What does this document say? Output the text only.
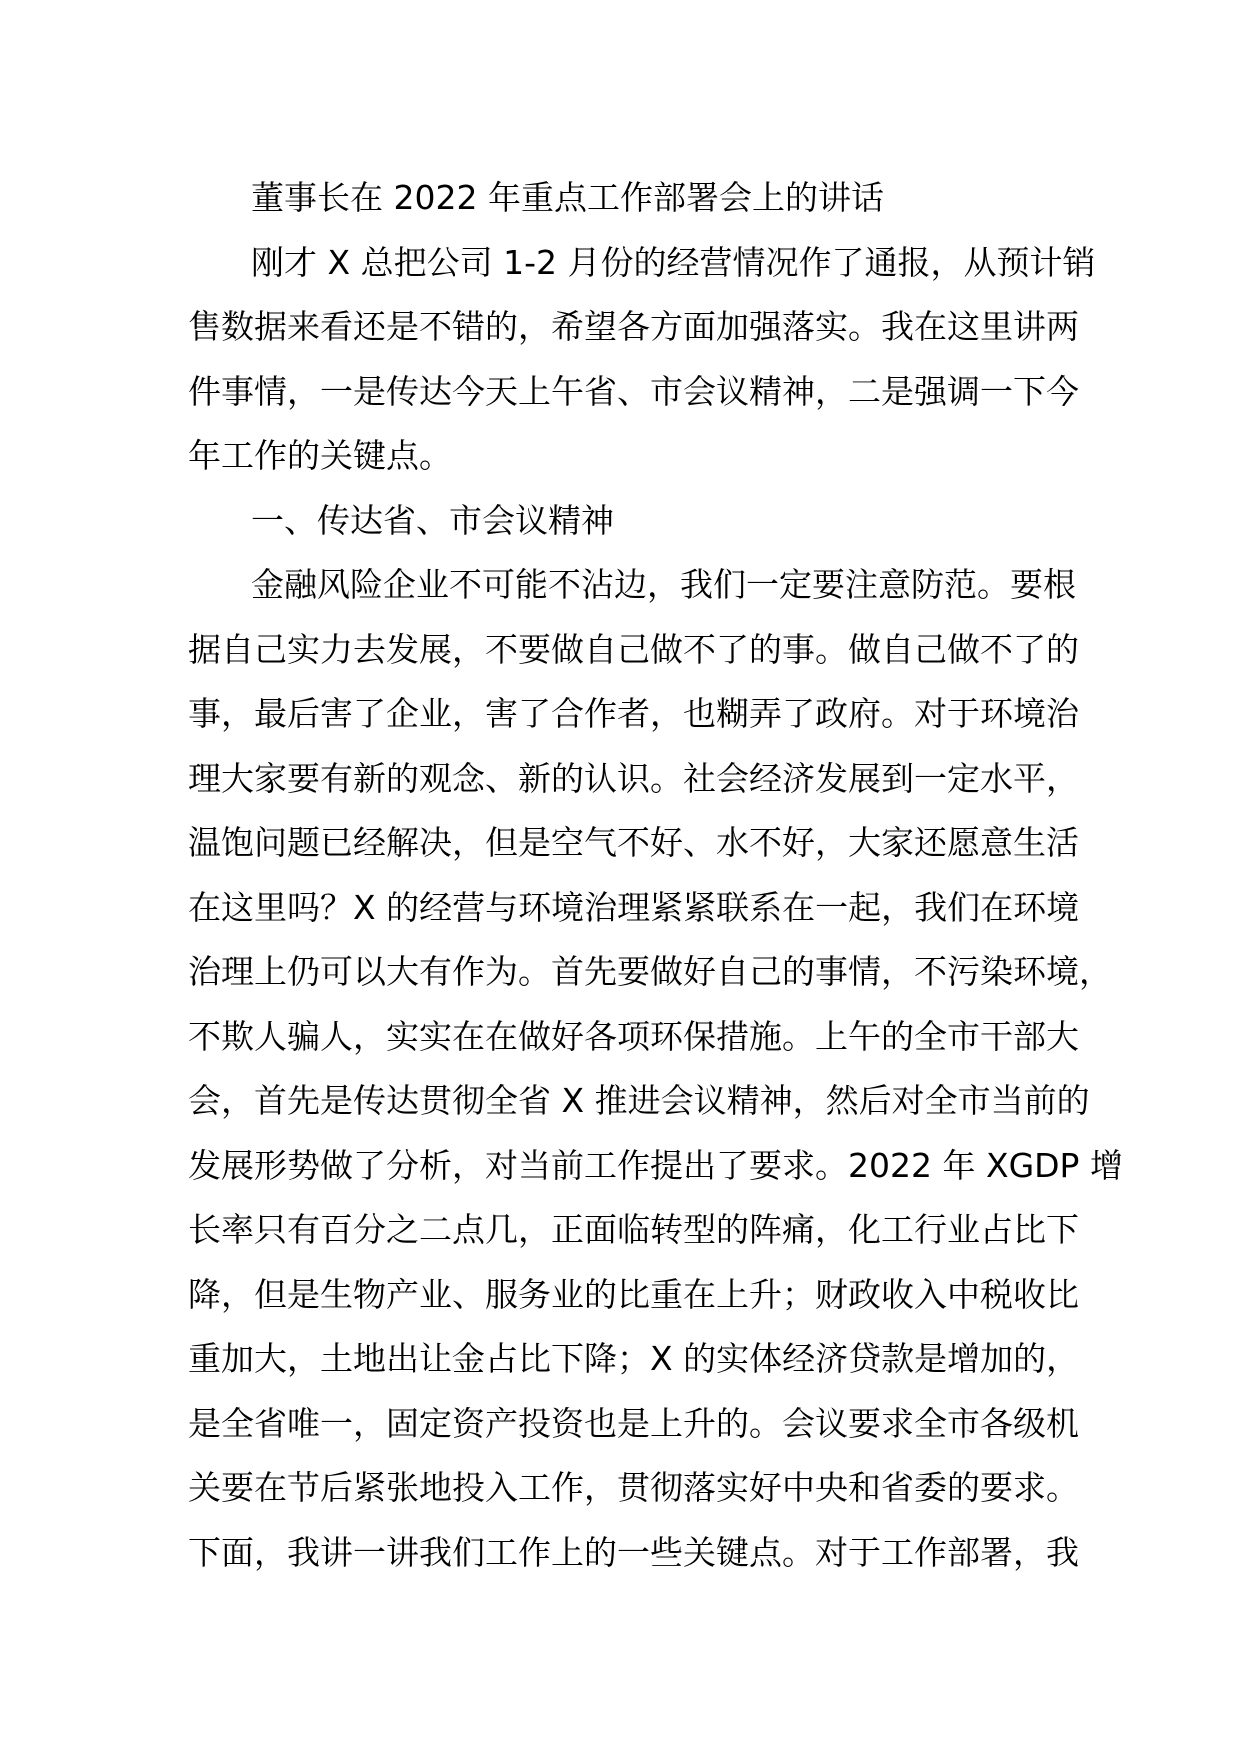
董事长在 2022 年重点工作部署会上的讲话
刚才 X 总把公司 1-2 月份的经营情况作了通报，从预计销
售数据来看还是不错的，希望各方面加强落实。我在这里讲两
件事情，一是传达今天上午省、市会议精神，二是强调一下今
年工作的关键点。
一、传达省、市会议精神
金融风险企业不可能不沾边，我们一定要注意防范。要根
据自己实力去发展，不要做自己做不了的事。做自己做不了的
事，最后害了企业，害了合作者，也糊弄了政府。对于环境治
理大家要有新的观念、新的认识。社会经济发展到一定水平，
温饱问题已经解决，但是空气不好、水不好，大家还愿意生活
在这里吗？X 的经营与环境治理紧紧联系在一起，我们在环境
治理上仍可以大有作为。首先要做好自己的事情，不污染环境，
不欺人骗人，实实在在做好各项环保措施。上午的全市干部大
会，首先是传达贯彻全省 X 推进会议精神，然后对全市当前的
发展形势做了分析，对当前工作提出了要求。2022 年 XGDP 增
长率只有百分之二点几，正面临转型的阵痛，化工行业占比下
降，但是生物产业、服务业的比重在上升；财政收入中税收比
重加大，土地出让金占比下降；X 的实体经济贷款是增加的，
是全省唯一，固定资产投资也是上升的。会议要求全市各级机
关要在节后紧张地投入工作，贯彻落实好中央和省委的要求。
下面，我讲一讲我们工作上的一些关键点。对于工作部署，我
